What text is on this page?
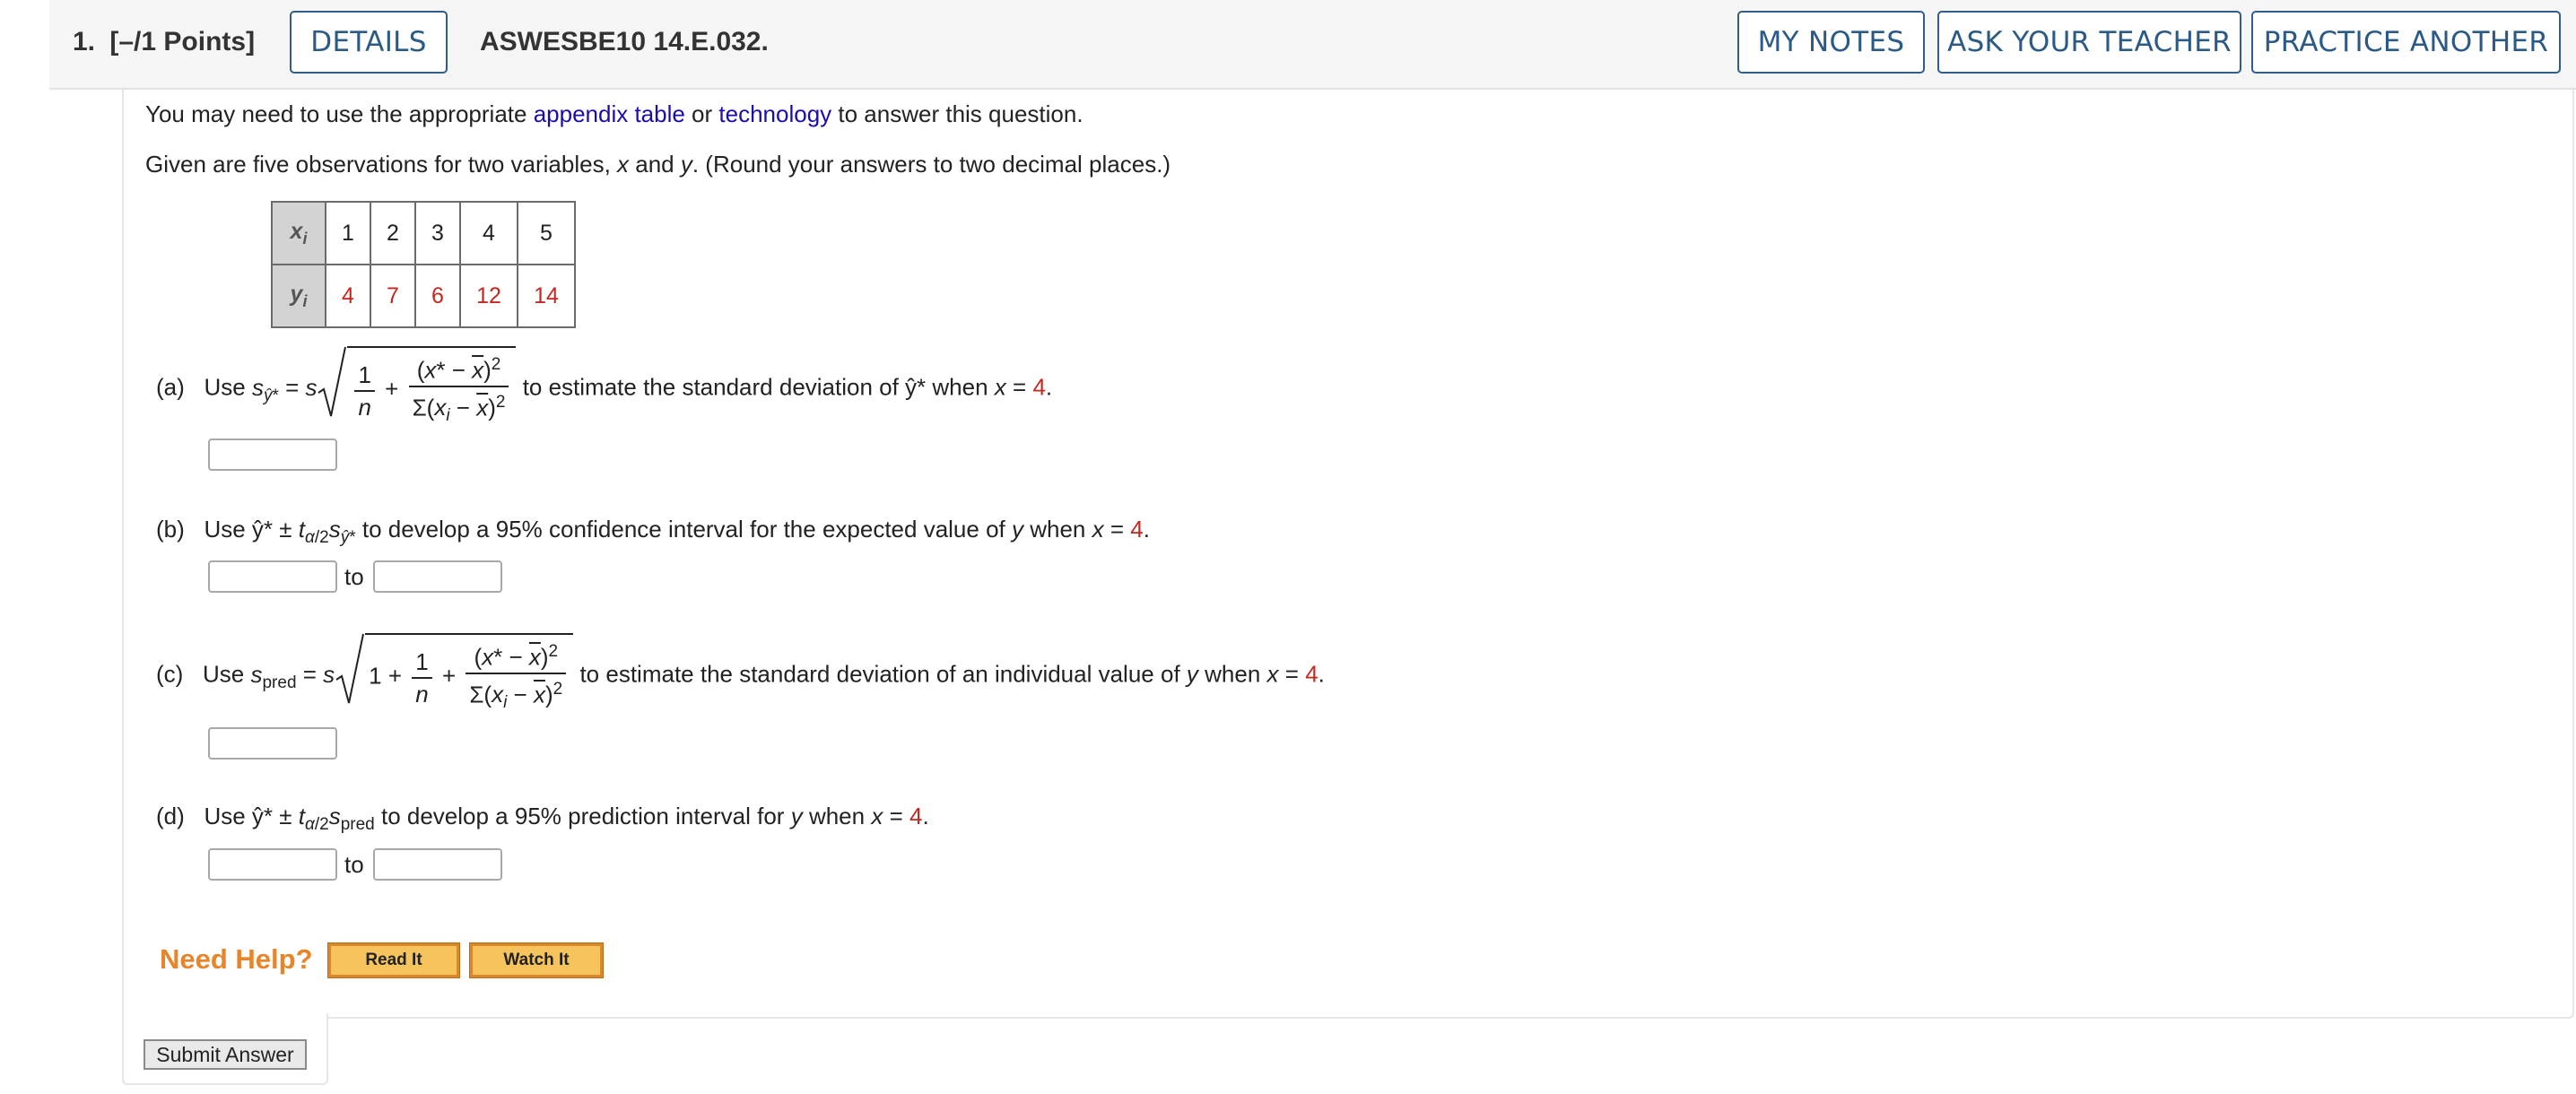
1. [–/1 Points]	DETAILS	ASWESBE10 14.E.032.	MY NOTES	ASK YOUR TEACHER	PRACTICE ANOTHER
You may need to use the appropriate appendix table or technology to answer this question.
Given are five observations for two variables, x and y. (Round your answers to two decimal places.)
$x_i$	1	2	3	4	5
$y_i$	4	7	6	12	14
(a) Use $s_{ŷ*} = s \frac{1}{n} + \frac{(x* - \overline{x})^2}{\Sigma(x_i - \overline{x})^2}$ to estimate the standard deviation of ŷ* when x = 4.
(b) Use ŷ* ± $t_{\alpha/2}s_{ŷ*}$ to develop a 95% confidence interval for the expected value of y when x = 4.
to
(c) Use $s_{pred} = s$ $1 + \frac{1}{n} + \frac{(x* - \overline{x})^2}{\Sigma(x_i - \overline{x})^2}$ to estimate the standard deviation of an individual value of y when x = 4.
(d) Use ŷ* ± $t_{\alpha/2}s_{pred}$ to develop a 95% prediction interval for y when x = 4.
to
Need Help?	Read It	Watch It
Submit Answer
